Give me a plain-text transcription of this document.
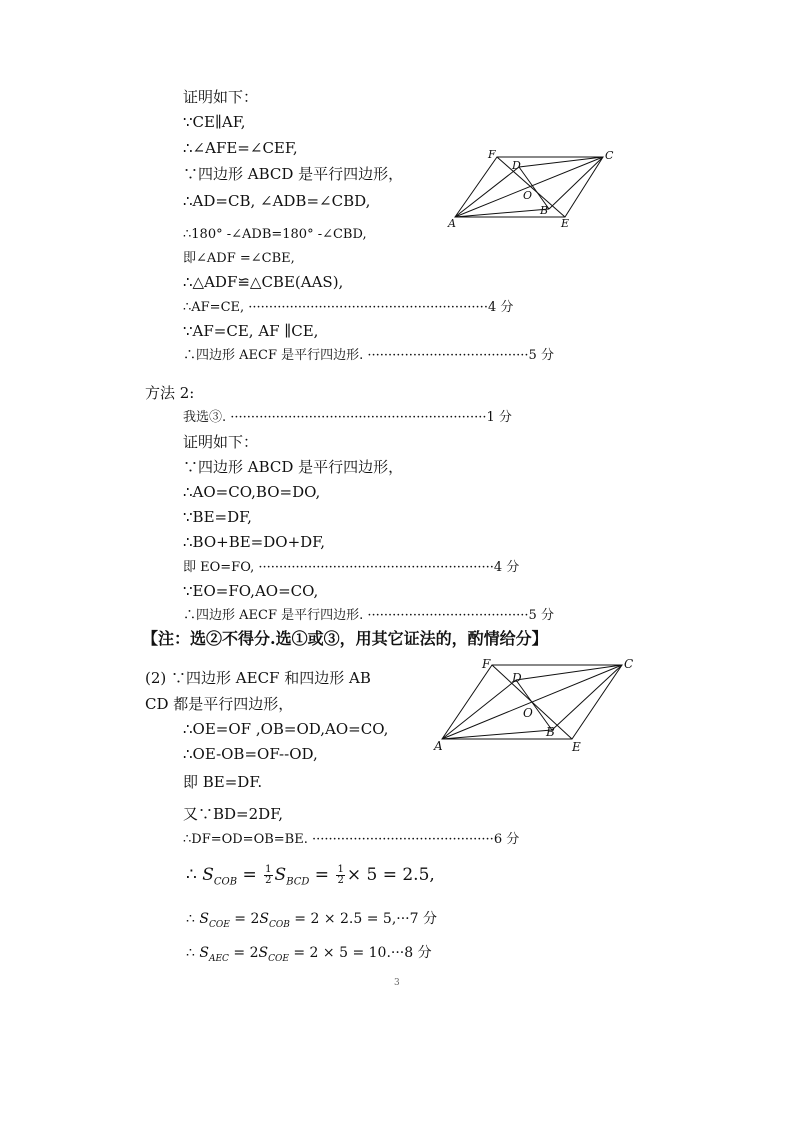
证明如下：
∵CE∥AF,
∴∠AFE=∠CEF,
∵四边形 ABCD 是平行四边形，
∴AD=CB, ∠ADB=∠CBD,
∴180° -∠ADB=180° -∠CBD,
即∠ADF =∠CBE,
∴△ADF≌△CBE(AAS),
∴AF=CE, ··························································4 分
∵AF=CE, AF ∥CE,
∴四边形 AECF 是平行四边形. ·······································5 分
F
D
C
O
A
B
E
方法 2:
我选③. ······························································1 分
证明如下：
∵四边形 ABCD 是平行四边形，
∴AO=CO,BO=DO,
∵BE=DF,
∴BO+BE=DO+DF,
即 EO=FO, ·························································4 分
∵EO=FO,AO=CO,
∴四边形 AECF 是平行四边形. ·······································5 分
【注：选②不得分.选①或③，用其它证法的，酌情给分】
(2) ∵四边形 AECF 和四边形 AB
CD 都是平行四边形，
∴OE=OF ,OB=OD,AO=CO,
∴OE-OB=OF--OD,
即 BE=DF.
又∵BD=2DF,
∴DF=OD=OB=BE. ············································6 分
F
D
C
O
A
B
E
∴ $S_{COB} = \frac{1}{2} S_{BCD} = \frac{1}{2} \times 5 = 2.5$,
∴ $S_{COE} = 2S_{COB} = 2 \times 2.5 = 5,\cdot\cdot\cdot 7$ 分
∴ $S_{AEC} = 2S_{COE} = 2 \times 5 = 10.\cdot\cdot\cdot 8$ 分
3
